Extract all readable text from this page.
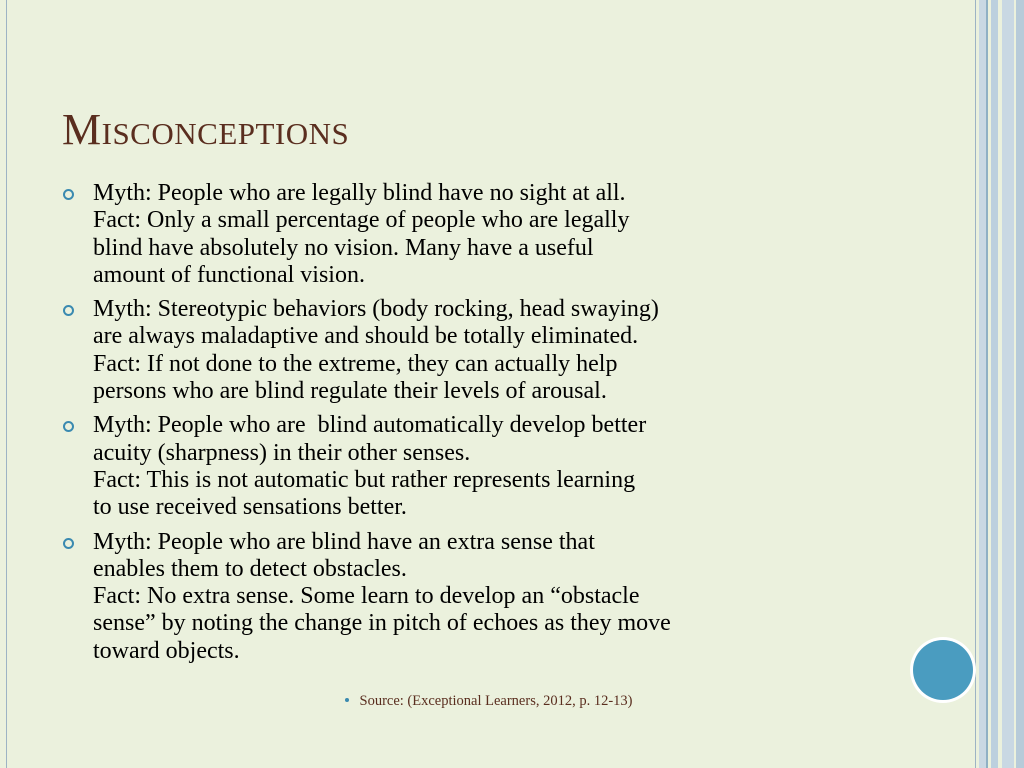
Misconceptions
Myth: People who are legally blind have no sight at all.
Fact: Only a small percentage of people who are legally
blind have absolutely no vision. Many have a useful
amount of functional vision.
Myth: Stereotypic behaviors (body rocking, head swaying)
are always maladaptive and should be totally eliminated.
Fact: If not done to the extreme, they can actually help
persons who are blind regulate their levels of arousal.
Myth: People who are  blind automatically develop better
acuity (sharpness) in their other senses.
Fact: This is not automatic but rather represents learning
to use received sensations better.
Myth: People who are blind have an extra sense that
enables them to detect obstacles.
Fact: No extra sense. Some learn to develop an “obstacle
sense” by noting the change in pitch of echoes as they move
toward objects.

Source: (Exceptional Learners, 2012, p. 12-13)
